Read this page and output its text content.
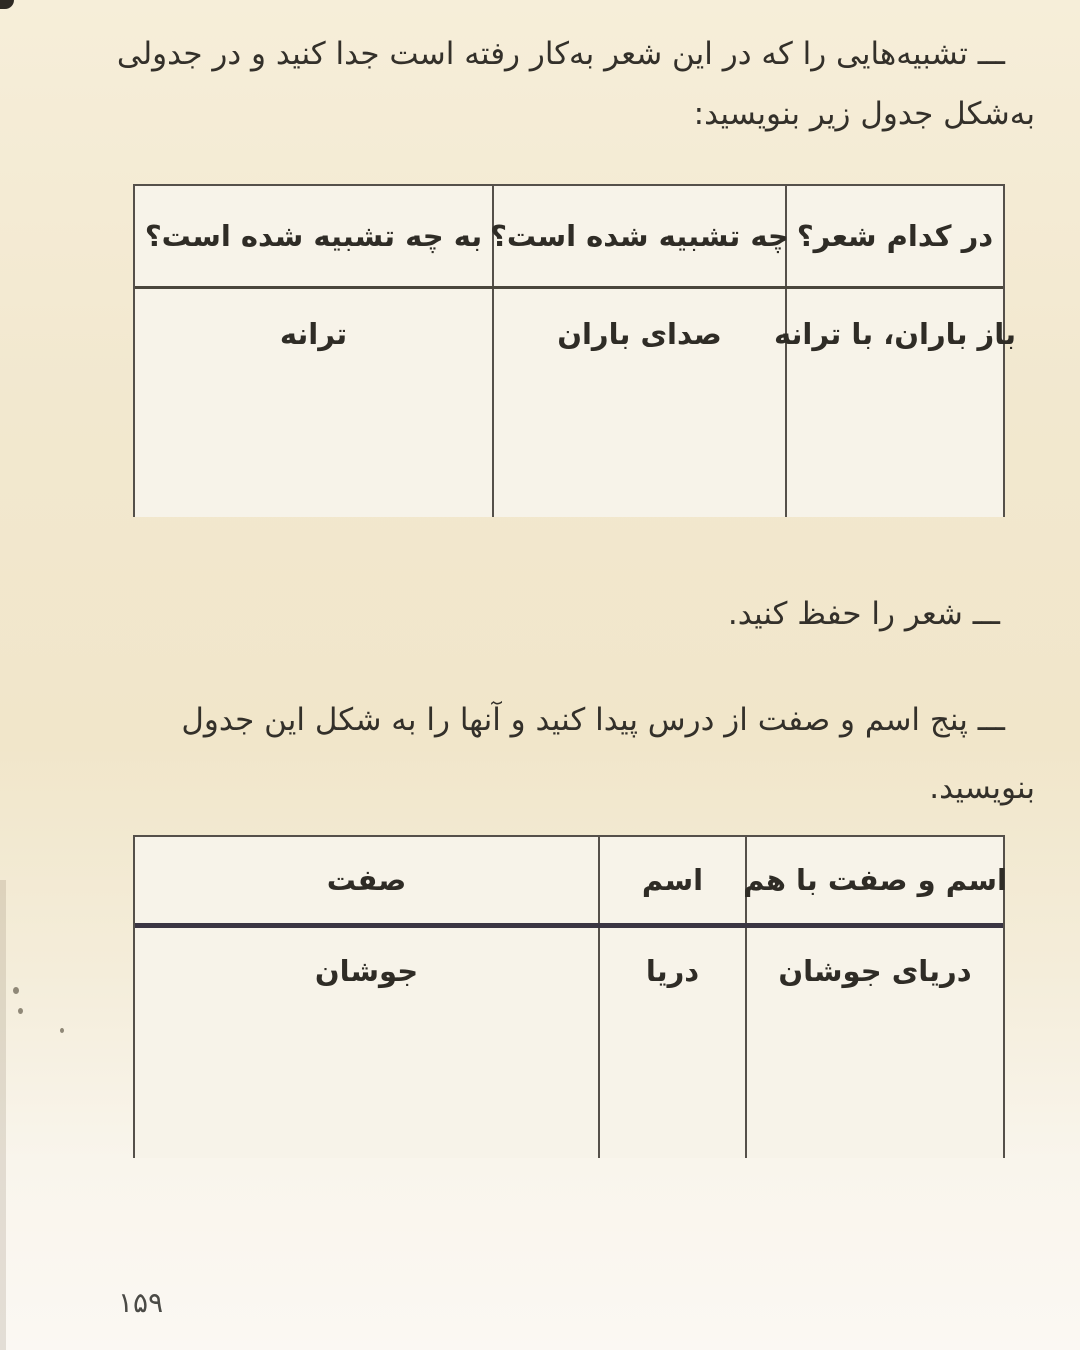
ـــ تشبیه‌هایی را که در این شعر به‌کار رفته است جدا کنید و در جدولی
به‌شکل جدول زیر بنویسید:
در کدام شعر؟
چه تشبیه شده است؟
به چه تشبیه شده است؟
باز باران، با ترانه
صدای باران
ترانه
ـــ شعر را حفظ کنید.
ـــ پنج اسم و صفت از درس پیدا کنید و آنها را به شکل این جدول
بنویسید.
اسم و صفت با هم
اسم
صفت
دریای جوشان
دریا
جوشان
۱۵۹
